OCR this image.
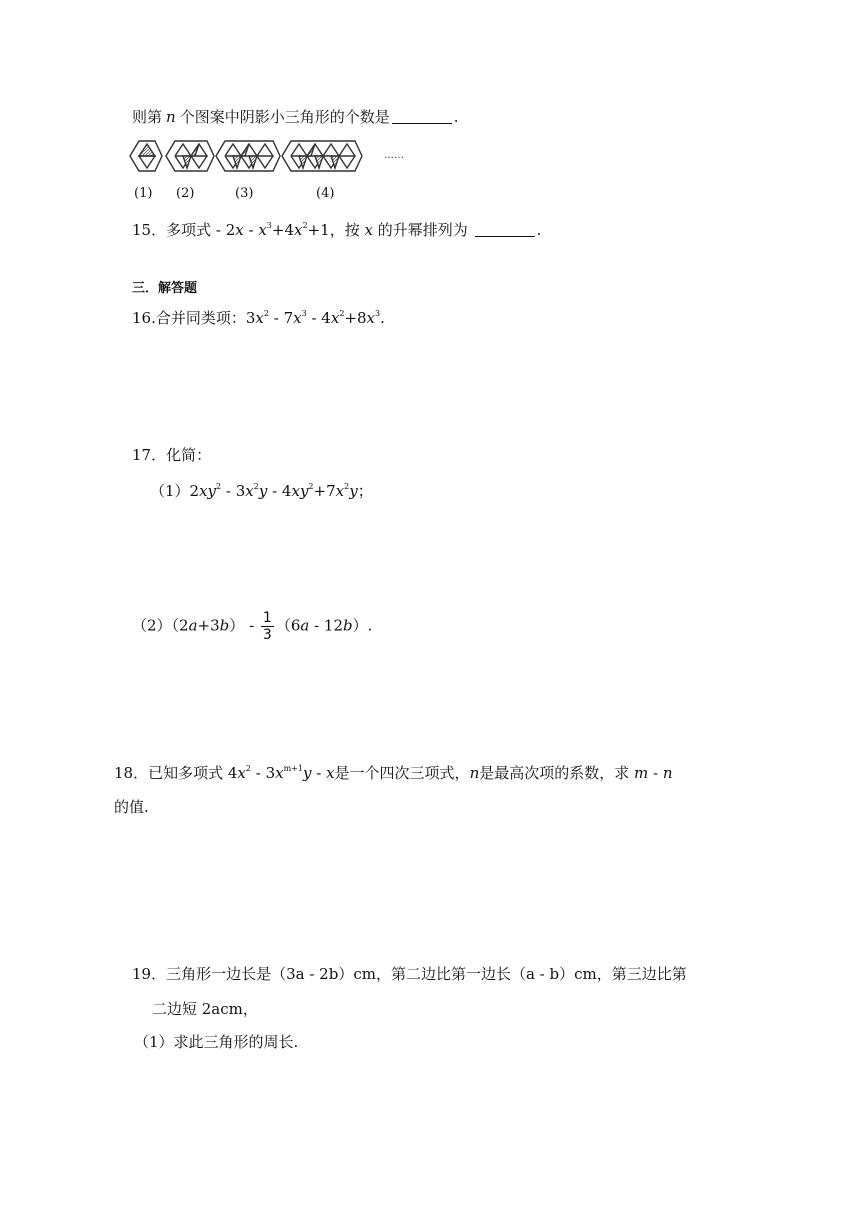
则第 n 个图案中阴影小三角形的个数是	.
……
(1) (2)	(3)	(4)
15．多项式 - $2x - x^3+4x^2+1$，按 x 的升幂排列为	.
三．解答题
16.合并同类项：$3x^2 - 7x^3 - 4x^2+8x^3$.
17．化简：
$(1)2xy^2 - 3x^2y - 4xy^2+7x^2y$；
$(2)(2a+3b) - \frac{1}{3} (6a - 12b)$.
18．已知多项式 $4x^2 - 3x^{m+1}y$ - x是一个四次三项式，n是最高次项的系数，求 m - n
的值.
19．三角形一边长是（3a - 2b）cm，第二边比第一边长（a - b）cm，第三边比第
二边短 2acm，
（1）求此三角形的周长.
